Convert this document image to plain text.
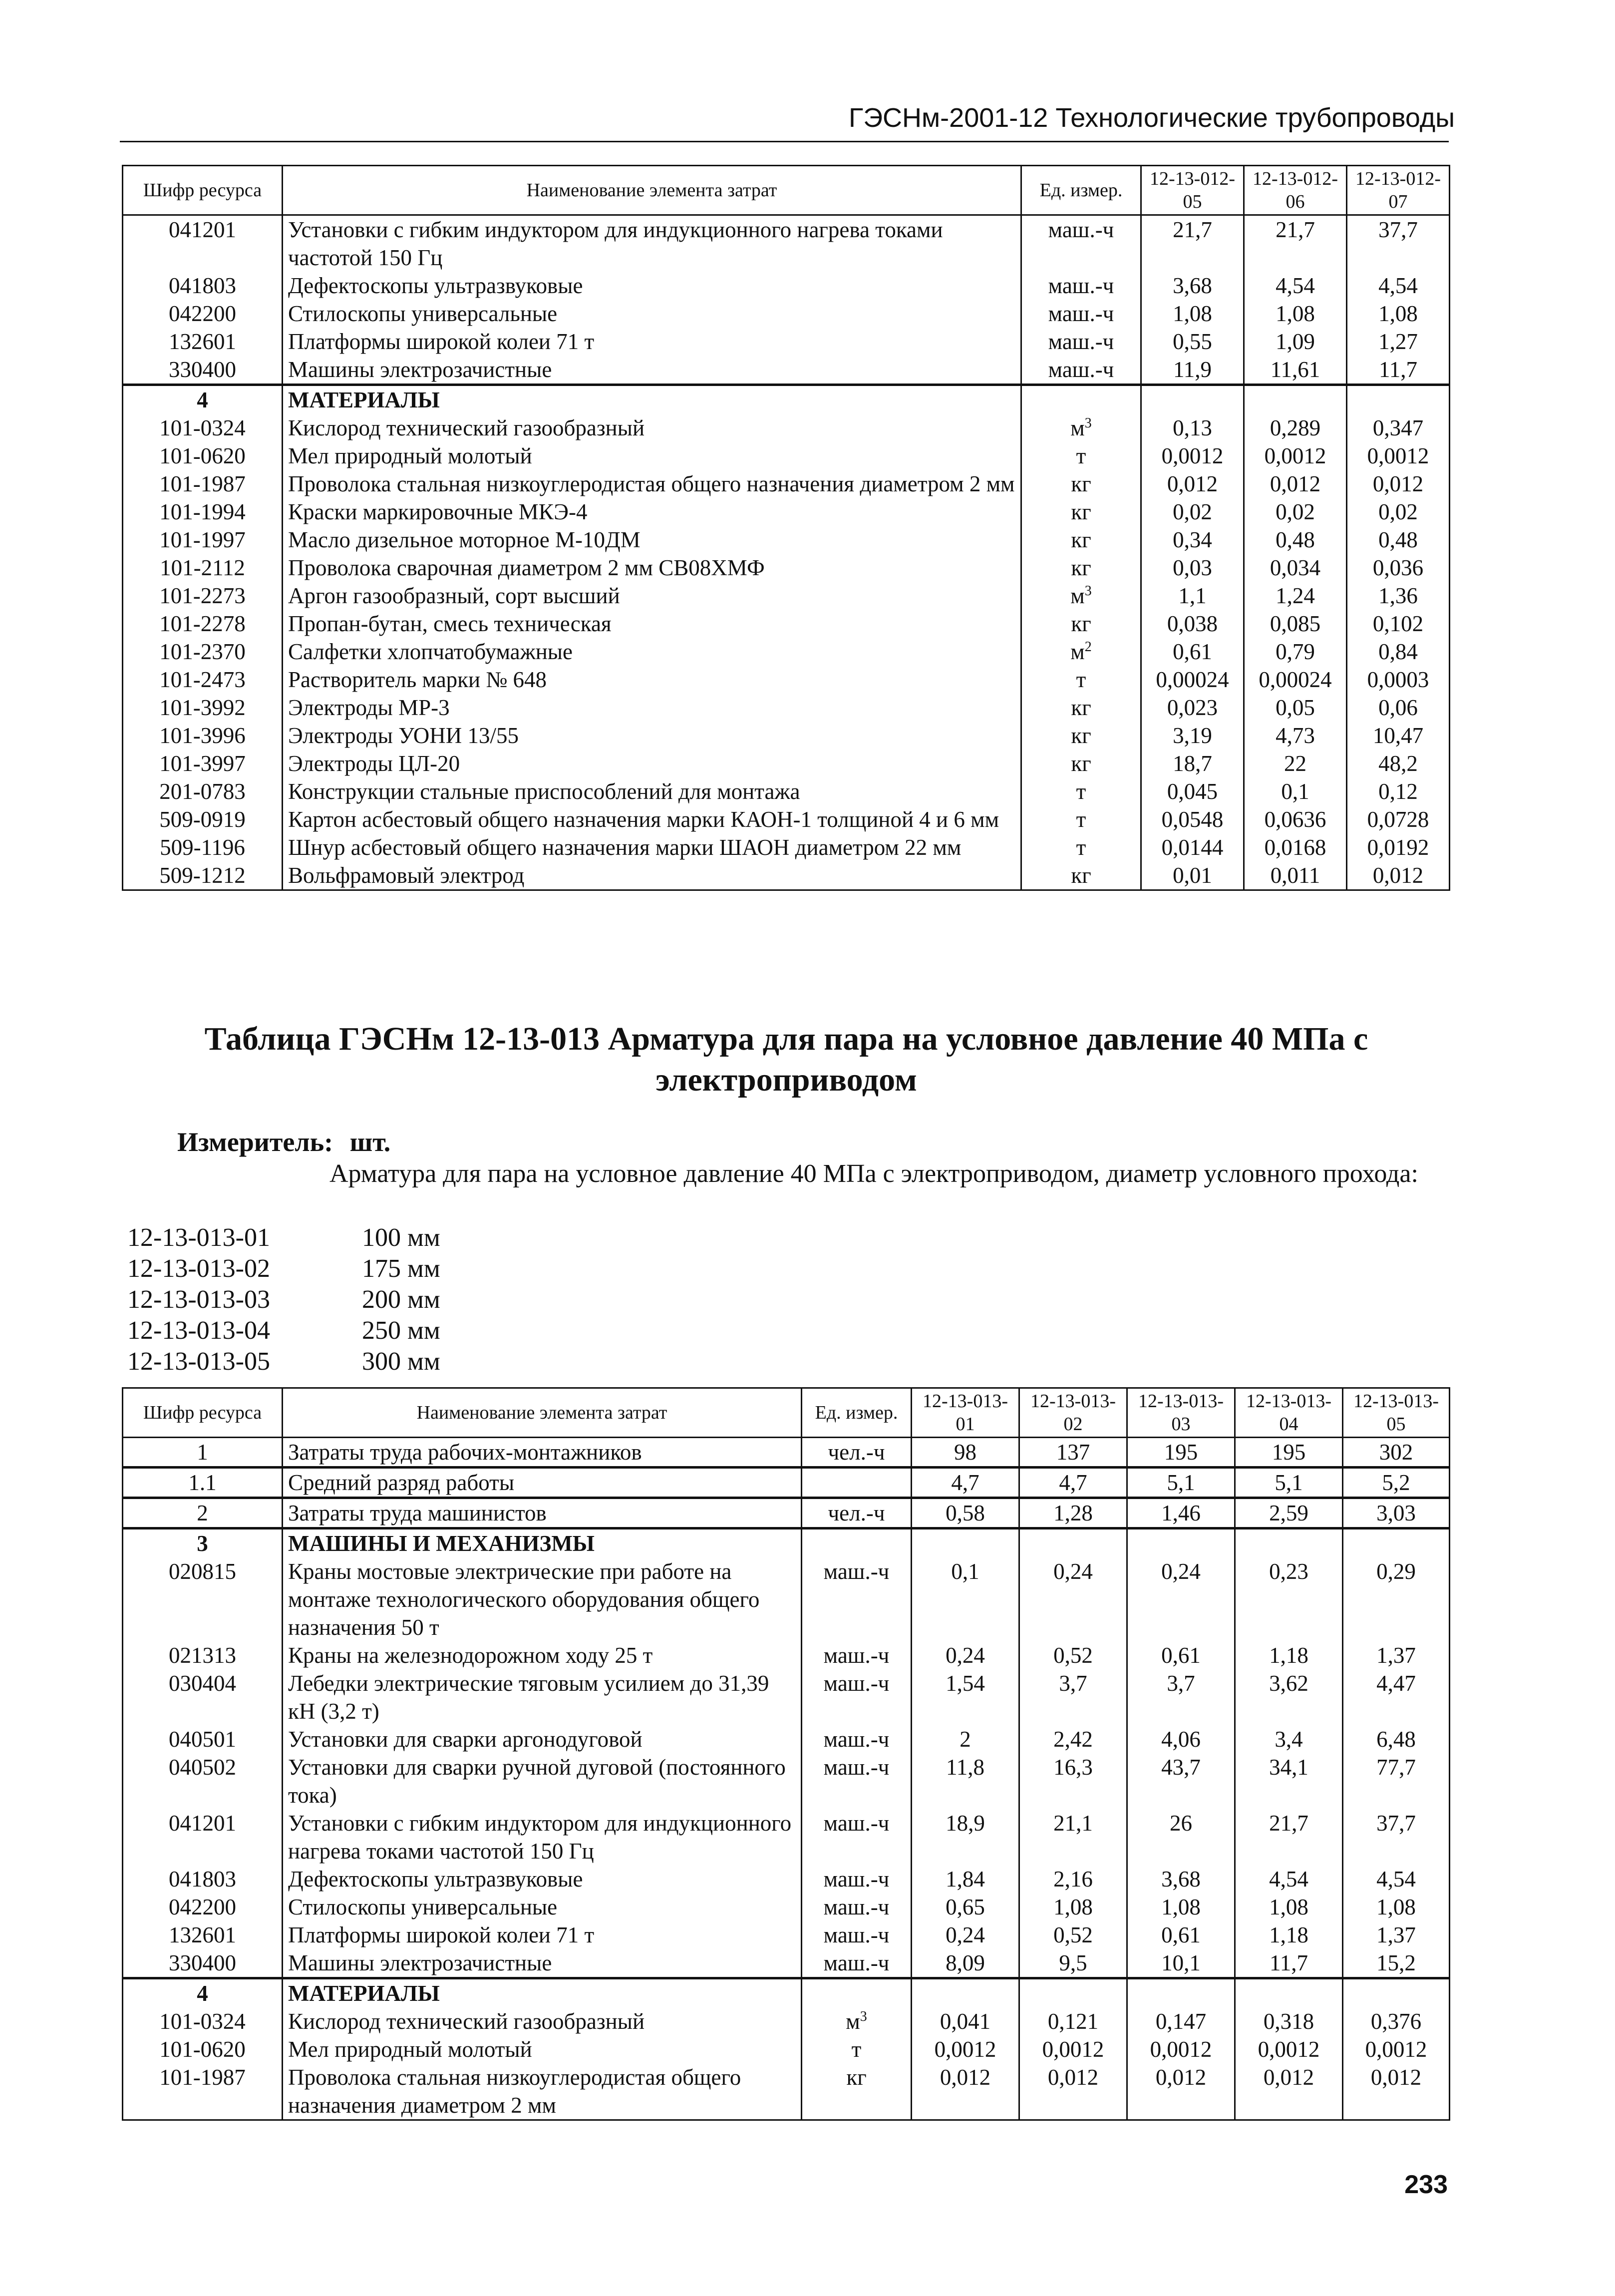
ГЭСНм-2001-12 Технологические трубопроводы
Шифр ресурса	Наименование элемента затрат	Ед. измер.	12-13-012-05	12-13-012-06	12-13-012-07
041201	Установки с гибким индуктором для индукционного нагрева токами частотой 150 Гц	маш.-ч	21,7	21,7	37,7
041803	Дефектоскопы ультразвуковые	маш.-ч	3,68	4,54	4,54
042200	Стилоскопы универсальные	маш.-ч	1,08	1,08	1,08
132601	Платформы широкой колеи 71 т	маш.-ч	0,55	1,09	1,27
330400	Машины электрозачистные	маш.-ч	11,9	11,61	11,7
4	МАТЕРИАЛЫ				
101-0324	Кислород технический газообразный	$м^3$	0,13	0,289	0,347
101-0620	Мел природный молотый	т	0,0012	0,0012	0,0012
101-1987	Проволока стальная низкоуглеродистая общего назначения диаметром 2 мм	кг	0,012	0,012	0,012
101-1994	Краски маркировочные МКЭ-4	кг	0,02	0,02	0,02
101-1997	Масло дизельное моторное М-10ДМ	кг	0,34	0,48	0,48
101-2112	Проволока сварочная диаметром 2 мм СВ08ХМФ	кг	0,03	0,034	0,036
101-2273	Аргон газообразный, сорт высший	$м^3$	1,1	1,24	1,36
101-2278	Пропан-бутан, смесь техническая	кг	0,038	0,085	0,102
101-2370	Салфетки хлопчатобумажные	$м^2$	0,61	0,79	0,84
101-2473	Растворитель марки № 648	т	0,00024	0,00024	0,0003
101-3992	Электроды МР-3	кг	0,023	0,05	0,06
101-3996	Электроды УОНИ 13/55	кг	3,19	4,73	10,47
101-3997	Электроды ЦЛ-20	кг	18,7	22	48,2
201-0783	Конструкции стальные приспособлений для монтажа	т	0,045	0,1	0,12
509-0919	Картон асбестовый общего назначения марки КАОН-1 толщиной 4 и 6 мм	т	0,0548	0,0636	0,0728
509-1196	Шнур асбестовый общего назначения марки ШАОН диаметром 22 мм	т	0,0144	0,0168	0,0192
509-1212	Вольфрамовый электрод	кг	0,01	0,011	0,012
Таблица ГЭСНм 12-13-013 Арматура для пара на условное давление 40 МПа с электроприводом
Измеритель: шт.
Арматура для пара на условное давление 40 МПа с электроприводом, диаметр условного прохода:
12-13-013-01	100 мм
12-13-013-02	175 мм
12-13-013-03	200 мм
12-13-013-04	250 мм
12-13-013-05	300 мм
Шифр ресурса	Наименование элемента затрат	Ед. измер.	12-13-013-01	12-13-013-02	12-13-013-03	12-13-013-04	12-13-013-05
1	Затраты труда рабочих-монтажников	чел.-ч	98	137	195	195	302
1.1	Средний разряд работы		4,7	4,7	5,1	5,1	5,2
2	Затраты труда машинистов	чел.-ч	0,58	1,28	1,46	2,59	3,03
3	МАШИНЫ И МЕХАНИЗМЫ						
020815	Краны мостовые электрические при работе на монтаже технологического оборудования общего назначения 50 т	маш.-ч	0,1	0,24	0,24	0,23	0,29
021313	Краны на железнодорожном ходу 25 т	маш.-ч	0,24	0,52	0,61	1,18	1,37
030404	Лебедки электрические тяговым усилием до 31,39 кН (3,2 т)	маш.-ч	1,54	3,7	3,7	3,62	4,47
040501	Установки для сварки аргонодуговой	маш.-ч	2	2,42	4,06	3,4	6,48
040502	Установки для сварки ручной дуговой (постоянного тока)	маш.-ч	11,8	16,3	43,7	34,1	77,7
041201	Установки с гибким индуктором для индукционного нагрева токами частотой 150 Гц	маш.-ч	18,9	21,1	26	21,7	37,7
041803	Дефектоскопы ультразвуковые	маш.-ч	1,84	2,16	3,68	4,54	4,54
042200	Стилоскопы универсальные	маш.-ч	0,65	1,08	1,08	1,08	1,08
132601	Платформы широкой колеи 71 т	маш.-ч	0,24	0,52	0,61	1,18	1,37
330400	Машины электрозачистные	маш.-ч	8,09	9,5	10,1	11,7	15,2
4	МАТЕРИАЛЫ						
101-0324	Кислород технический газообразный	$м^3$	0,041	0,121	0,147	0,318	0,376
101-0620	Мел природный молотый	т	0,0012	0,0012	0,0012	0,0012	0,0012
101-1987	Проволока стальная низкоуглеродистая общего назначения диаметром 2 мм	кг	0,012	0,012	0,012	0,012	0,012
233
